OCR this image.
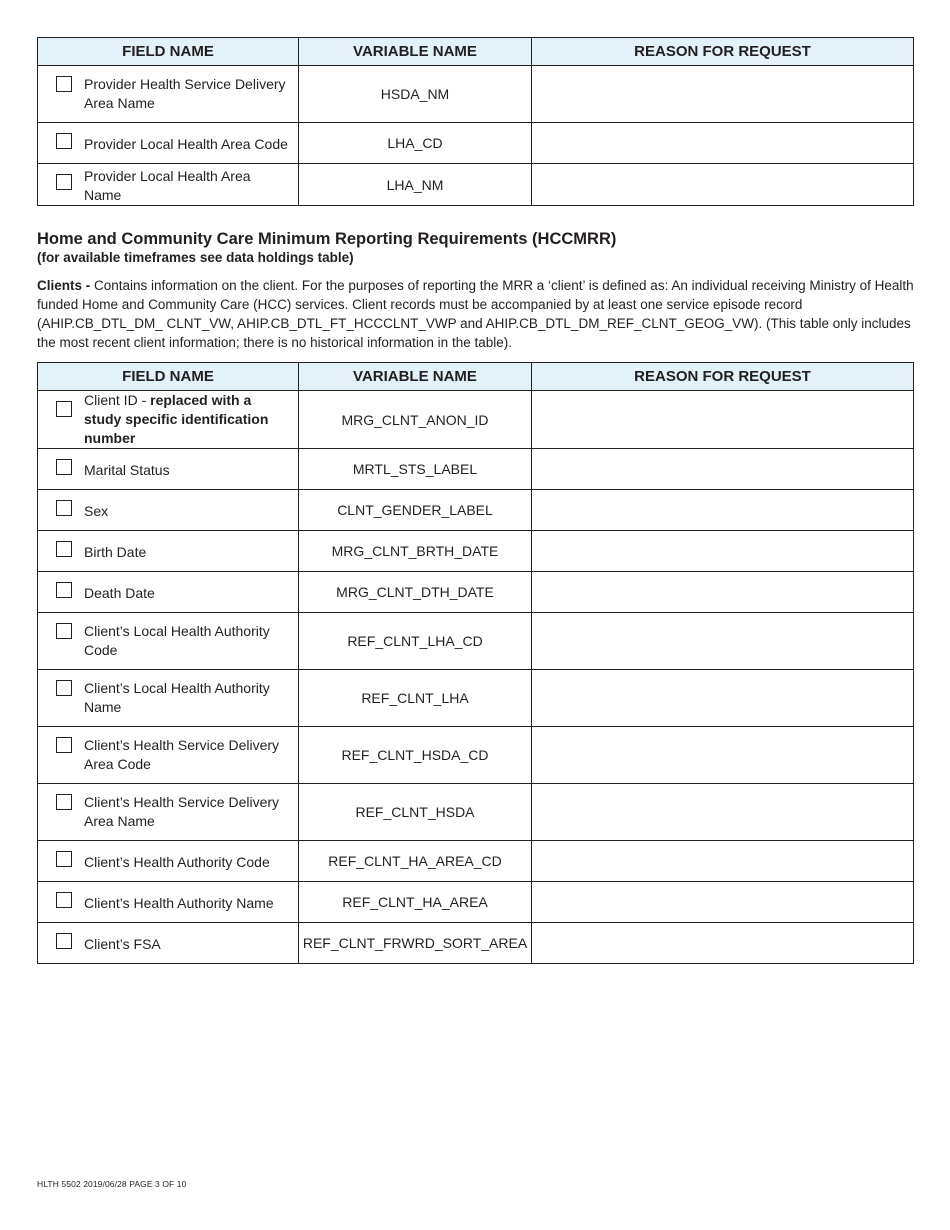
FIELD NAME	VARIABLE NAME	REASON FOR REQUEST

Provider Health Service Delivery Area Name	HSDA_NM	

Provider Local Health Area Code	LHA_CD	

Provider Local Health Area Name	LHA_NM	
Home and Community Care Minimum Reporting Requirements (HCCMRR)
(for available timeframes see data holdings table)
Clients - Contains information on the client. For the purposes of reporting the MRR a ‘client’ is defined as: An individual receiving Ministry of Health funded Home and Community Care (HCC) services. Client records must be accompanied by at least one service episode record (AHIP.CB_DTL_DM_ CLNT_VW, AHIP.CB_DTL_FT_HCCCLNT_VWP and AHIP.CB_DTL_DM_REF_CLNT_GEOG_VW). (This table only includes the most recent client information; there is no historical information in the table).
FIELD NAME	VARIABLE NAME	REASON FOR REQUEST

Client ID - replaced with a study specific identification number	MRG_CLNT_ANON_ID	

Marital Status	MRTL_STS_LABEL	

Sex	CLNT_GENDER_LABEL	

Birth Date	MRG_CLNT_BRTH_DATE	

Death Date	MRG_CLNT_DTH_DATE	

Client’s Local Health Authority Code	REF_CLNT_LHA_CD	

Client’s Local Health Authority Name	REF_CLNT_LHA	

Client’s Health Service Delivery Area Code	REF_CLNT_HSDA_CD	

Client’s Health Service Delivery Area Name	REF_CLNT_HSDA	

Client’s Health Authority Code	REF_CLNT_HA_AREA_CD	

Client’s Health Authority Name	REF_CLNT_HA_AREA	

Client’s FSA	REF_CLNT_FRWRD_SORT_AREA	
HLTH 5502 2019/06/28 PAGE 3 OF 10
